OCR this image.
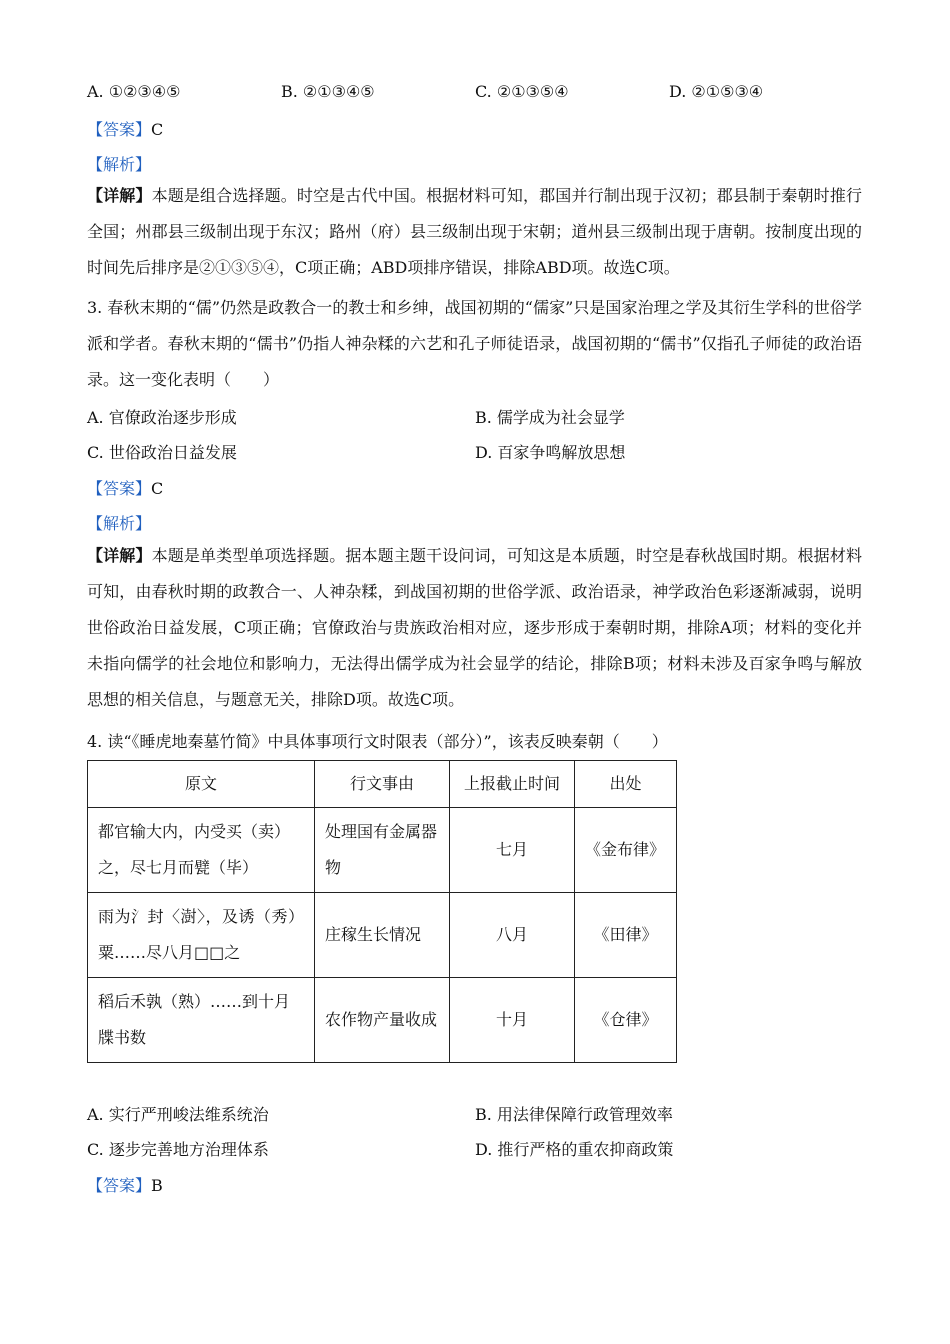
A. ①②③④⑤	B. ②①③④⑤	C. ②①③⑤④	D. ②①⑤③④
【答案】C
【解析】
【详解】本题是组合选择题。时空是古代中国。根据材料可知，郡国并行制出现于汉初；郡县制于秦朝时推行全国；州郡县三级制出现于东汉；路州（府）县三级制出现于宋朝；道州县三级制出现于唐朝。按制度出现的时间先后排序是②①③⑤④，C项正确；ABD项排序错误，排除ABD项。故选C项。
3. 春秋末期的“儒”仍然是政教合一的教士和乡绅，战国初期的“儒家”只是国家治理之学及其衍生学科的世俗学派和学者。春秋末期的“儒书”仍指人神杂糅的六艺和孔子师徒语录，战国初期的“儒书”仅指孔子师徒的政治语录。这一变化表明（　　）
A. 官僚政治逐步形成	B. 儒学成为社会显学
C. 世俗政治日益发展	D. 百家争鸣解放思想
【答案】C
【解析】
【详解】本题是单类型单项选择题。据本题主题干设问词，可知这是本质题，时空是春秋战国时期。根据材料可知，由春秋时期的政教合一、人神杂糅，到战国初期的世俗学派、政治语录，神学政治色彩逐渐减弱，说明世俗政治日益发展，C项正确；官僚政治与贵族政治相对应，逐步形成于秦朝时期，排除A项；材料的变化并未指向儒学的社会地位和影响力，无法得出儒学成为社会显学的结论，排除B项；材料未涉及百家争鸣与解放思想的相关信息，与题意无关，排除D项。故选C项。
4. 读“《睡虎地秦墓竹简》中具体事项行文时限表（部分）”，该表反映秦朝（　　）
原文	行文事由	上报截止时间	出处
都官输大内，内受买（卖）之，尽七月而甓（毕）	处理国有金属器物	七月	《金布律》
雨为氵封〈澍〉，及诱（秀）粟……尽八月□□之	庄稼生长情况	八月	《田律》
稻后禾孰（熟）……到十月牒书数	农作物产量收成	十月	《仓律》
A. 实行严刑峻法维系统治	B. 用法律保障行政管理效率
C. 逐步完善地方治理体系	D. 推行严格的重农抑商政策
【答案】B
